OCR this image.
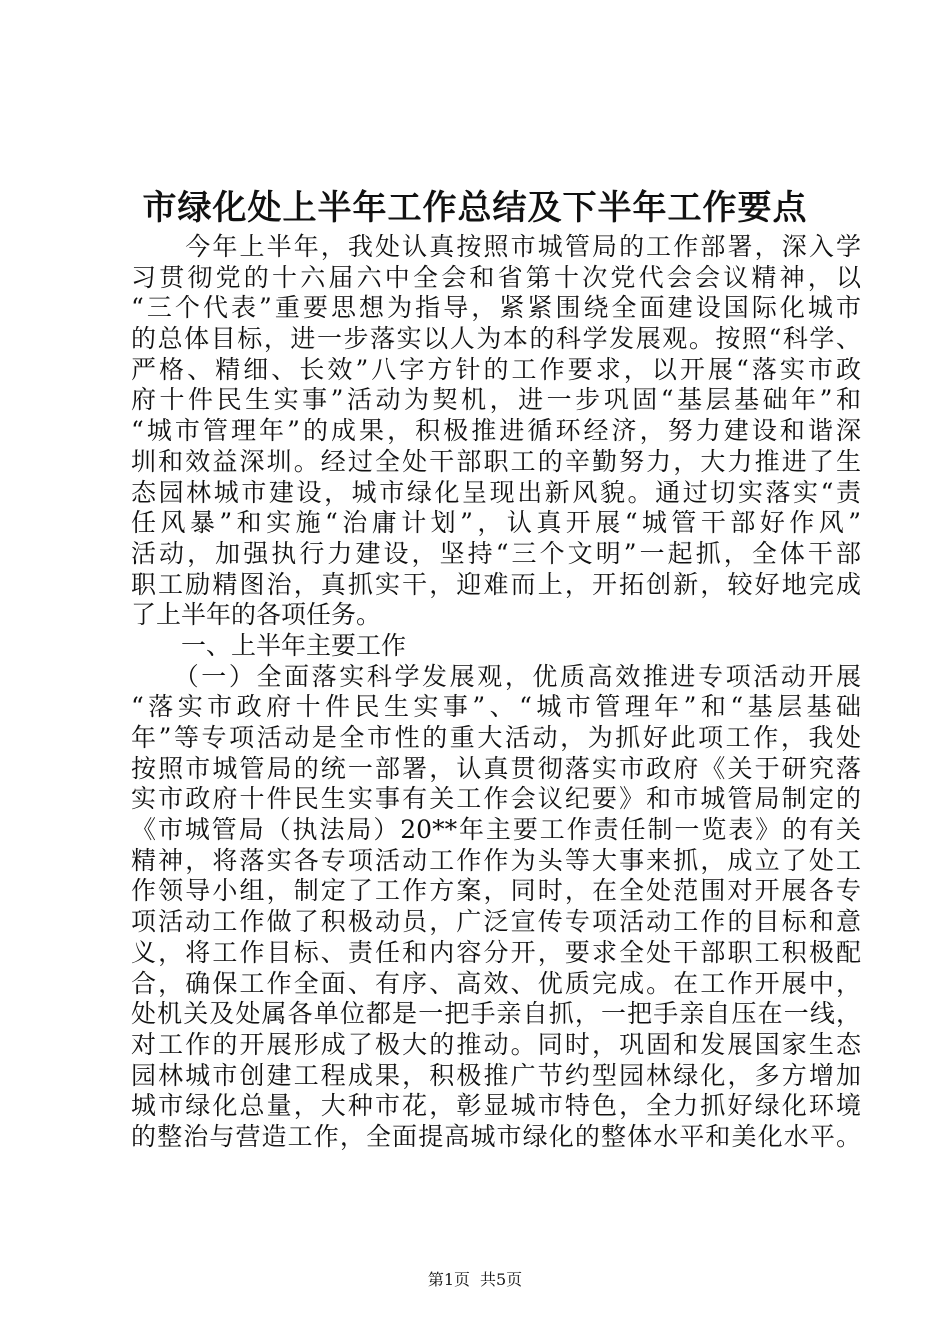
市绿化处上半年工作总结及下半年工作要点
　　今年上半年，我处认真按照市城管局的工作部署，深入学
习贯彻党的十六届六中全会和省第十次党代会会议精神，以
“三个代表”重要思想为指导，紧紧围绕全面建设国际化城市
的总体目标，进一步落实以人为本的科学发展观。按照“科学、
严格、精细、长效”八字方针的工作要求，以开展“落实市政
府十件民生实事”活动为契机，进一步巩固“基层基础年”和
“城市管理年”的成果，积极推进循环经济，努力建设和谐深
圳和效益深圳。经过全处干部职工的辛勤努力，大力推进了生
态园林城市建设，城市绿化呈现出新风貌。通过切实落实“责
任风暴”和实施“治庸计划”，认真开展“城管干部好作风”
活动，加强执行力建设，坚持“三个文明”一起抓，全体干部
职工励精图治，真抓实干，迎难而上，开拓创新，较好地完成
了上半年的各项任务。
　　一、上半年主要工作
　　（一）全面落实科学发展观，优质高效推进专项活动开展
“落实市政府十件民生实事”、“城市管理年”和“基层基础
年”等专项活动是全市性的重大活动，为抓好此项工作，我处
按照市城管局的统一部署，认真贯彻落实市政府《关于研究落
实市政府十件民生实事有关工作会议纪要》和市城管局制定的
《市城管局（执法局）20**年主要工作责任制一览表》的有关
精神，将落实各专项活动工作作为头等大事来抓，成立了处工
作领导小组，制定了工作方案，同时，在全处范围对开展各专
项活动工作做了积极动员，广泛宣传专项活动工作的目标和意
义，将工作目标、责任和内容分开，要求全处干部职工积极配
合，确保工作全面、有序、高效、优质完成。在工作开展中，
处机关及处属各单位都是一把手亲自抓，一把手亲自压在一线，
对工作的开展形成了极大的推动。同时，巩固和发展国家生态
园林城市创建工程成果，积极推广节约型园林绿化，多方增加
城市绿化总量，大种市花，彰显城市特色，全力抓好绿化环境
的整治与营造工作，全面提高城市绿化的整体水平和美化水平。
第1页 共5页
